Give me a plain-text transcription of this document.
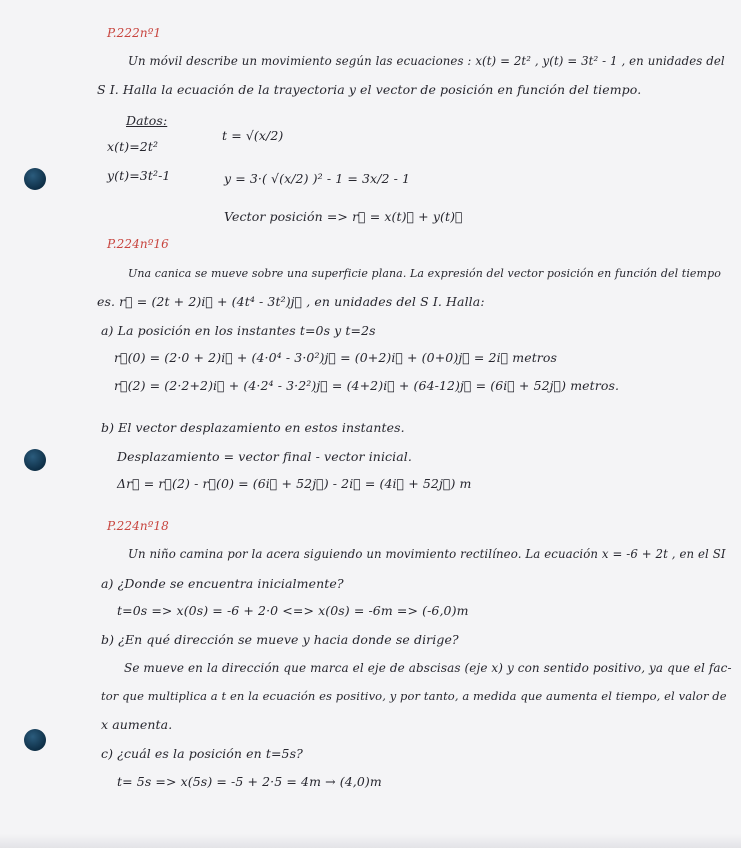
P.222nº1
Un móvil describe un movimiento según las ecuaciones : x(t) = 2t² , y(t) = 3t² - 1 , en unidades del
S I. Halla la ecuación de la trayectoria y el vector de posición en función del tiempo.
Datos:
x(t)=2t²
t = √(x/2)
y(t)=3t²-1	y = 3·( √(x/2) )² - 1 = 3x/2 - 1
Vector posición => r⃗ = x(t)⃗ + y(t)⃗
P.224nº16
Una canica se mueve sobre una superficie plana. La expresión del vector posición en función del tiempo
es. r⃗ = (2t + 2)i⃗ + (4t⁴ - 3t²)j⃗ , en unidades del S I. Halla:
a) La posición en los instantes t=0s y t=2s
r⃗(0) = (2·0 + 2)i⃗ + (4·0⁴ - 3·0²)j⃗ = (0+2)i⃗ + (0+0)j⃗ = 2i⃗ metros
r⃗(2) = (2·2+2)i⃗ + (4·2⁴ - 3·2²)j⃗ = (4+2)i⃗ + (64-12)j⃗ = (6i⃗ + 52j⃗) metros.
b) El vector desplazamiento en estos instantes.
Desplazamiento = vector final - vector inicial.
Δr⃗ = r⃗(2) - r⃗(0) = (6i⃗ + 52j⃗) - 2i⃗ = (4i⃗ + 52j⃗) m
P.224nº18
Un niño camina por la acera siguiendo un movimiento rectilíneo. La ecuación x = -6 + 2t , en el SI
a) ¿Donde se encuentra inicialmente?
t=0s => x(0s) = -6 + 2·0 <=> x(0s) = -6m => (-6,0)m
b) ¿En qué dirección se mueve y hacia donde se dirige?
Se mueve en la dirección que marca el eje de abscisas (eje x) y con sentido positivo, ya que el fac-
tor que multiplica a t en la ecuación es positivo, y por tanto, a medida que aumenta el tiempo, el valor de
x aumenta.
c) ¿cuál es la posición en t=5s?
t= 5s => x(5s) = -5 + 2·5 = 4m → (4,0)m
